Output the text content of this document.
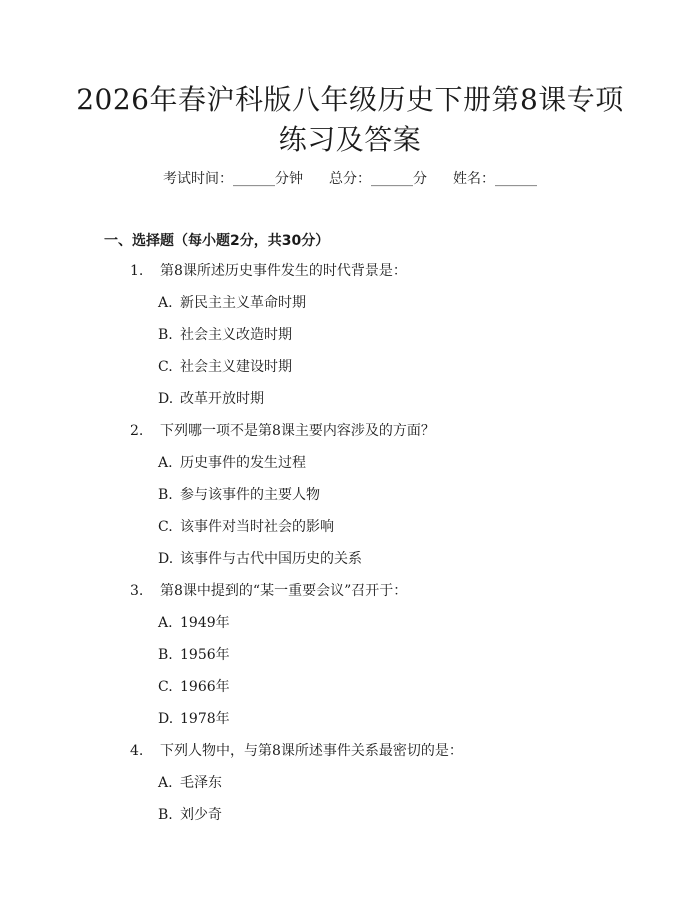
2026年春沪科版八年级历史下册第8课专项
练习及答案
考试时间：______分钟 总分：______分 姓名：______
一、选择题（每小题2分，共30分）
1. 第8课所述历史事件发生的时代背景是：
A. 新民主主义革命时期
B. 社会主义改造时期
C. 社会主义建设时期
D. 改革开放时期
2. 下列哪一项不是第8课主要内容涉及的方面？
A. 历史事件的发生过程
B. 参与该事件的主要人物
C. 该事件对当时社会的影响
D. 该事件与古代中国历史的关系
3. 第8课中提到的“某一重要会议”召开于：
A. 1949年
B. 1956年
C. 1966年
D. 1978年
4. 下列人物中，与第8课所述事件关系最密切的是：
A. 毛泽东
B. 刘少奇
